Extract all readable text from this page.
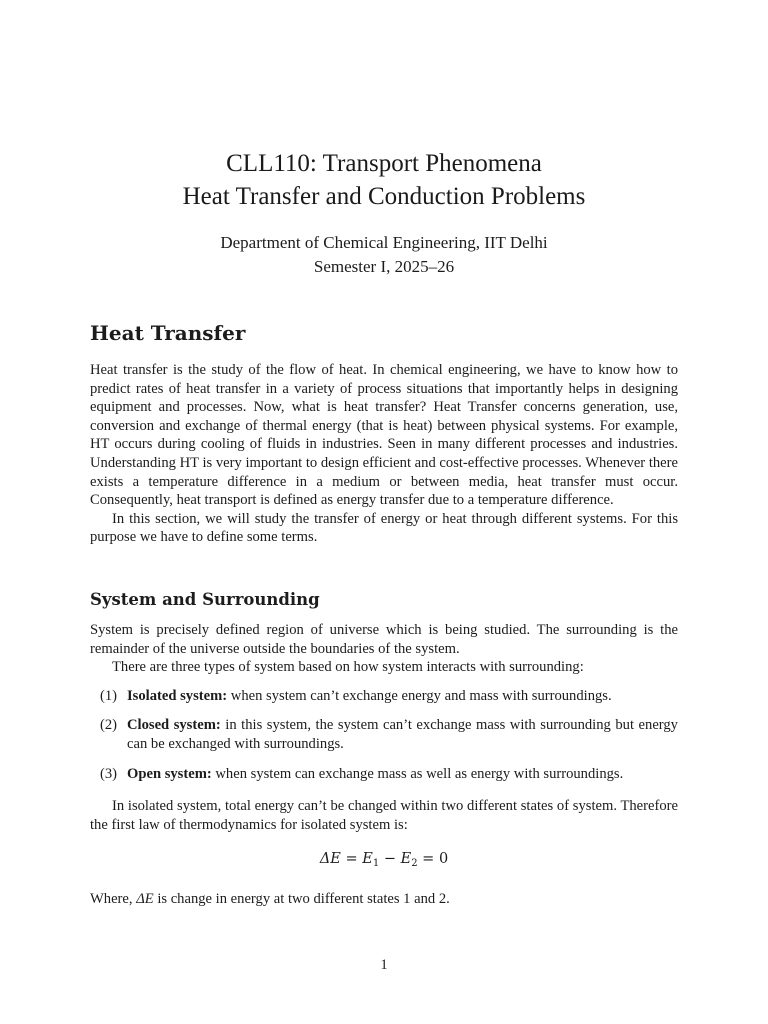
CLL110: Transport Phenomena
Heat Transfer and Conduction Problems
Department of Chemical Engineering, IIT Delhi
Semester I, 2025–26
Heat Transfer

Heat transfer is the study of the flow of heat. In chemical engineering, we have to know how to predict rates of heat transfer in a variety of process situations that importantly helps in designing equipment and processes. Now, what is heat transfer? Heat Transfer concerns generation, use, conversion and exchange of thermal energy (that is heat) between physical systems. For example, HT occurs during cooling of fluids in industries. Seen in many different processes and industries. Understanding HT is very important to design efficient and cost-effective processes. Whenever there exists a temperature difference in a medium or between media, heat transfer must occur. Consequently, heat transport is defined as energy transfer due to a temperature difference.

In this section, we will study the transfer of energy or heat through different systems. For this purpose we have to define some terms.

System and Surrounding

System is precisely defined region of universe which is being studied. The surrounding is the remainder of the universe outside the boundaries of the system.

There are three types of system based on how system interacts with surrounding:

(1) Isolated system: when system can’t exchange energy and mass with surroundings.
(2) Closed system: in this system, the system can’t exchange mass with surrounding but energy can be exchanged with surroundings.
(3) Open system: when system can exchange mass as well as energy with surroundings.

In isolated system, total energy can’t be changed within two different states of system. Therefore the first law of thermodynamics for isolated system is:

$\Delta E = E_1 - E_2 = 0$

Where, ΔE is change in energy at two different states 1 and 2.

1
